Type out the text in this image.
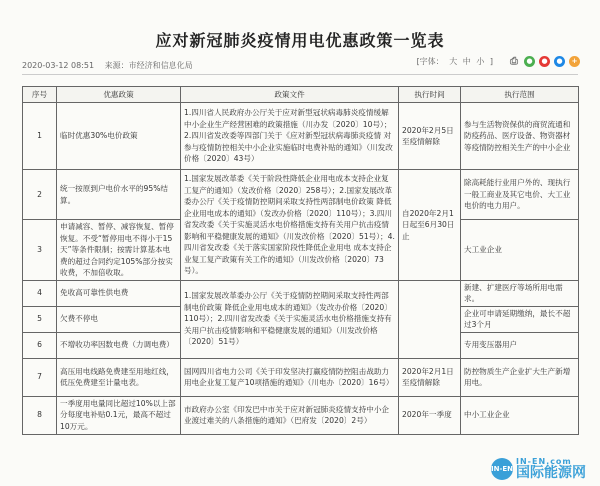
应对新冠肺炎疫情用电优惠政策一览表
2020-03-12 08:51 来源：市经济和信息化局	[字体： 大 中 小 ]	⎙	●	●	●	+
序号	优惠政策	政策文件	执行时间	执行范围
1	临时优惠30%电价政策	1.四川省人民政府办公厅关于应对新型冠状病毒肺炎疫情缓解中小企业生产经营困难的政策措施（川办发〔2020〕10号）；2.四川省发改委等四部门关于《应对新型冠状病毒肺炎疫情 对参与疫情防控相关中小企业实施临时电费补贴的通知》（川发改价格〔2020〕43号）	2020年2月5日至疫情解除	参与生活物资保供的商贸流通和防疫药品、医疗设备、物资器材等疫情防控相关生产的中小企业
2	统一按原到户电价水平的95%结算。	1.国家发展改革委《关于阶段性降低企业用电成本支持企业复工复产的通知》（发改价格〔2020〕258号）；2.国家发展改革委办公厅《关于疫情防控期间采取支持性两部制电价政策 降低企业用电成本的通知》（发改办价格〔2020〕110号）；3.四川省发改委《关于实施灵活水电价格措施支持有关用户抗击疫情影响和平稳健康发展的通知》（川发改价格〔2020〕51号）；4.四川省发改委《关于落实国家阶段性降低企业用电 成本支持企业复工复产政策有关工作的通知》（川发改价格〔2020〕73号）。	自2020年2月1日起至6月30日止	除高耗能行业用户外的、现执行一般工商业及其它电价、大工业电价的电力用户。
3	申请减容、暂停、减容恢复、暂停恢复。不受“暂停用电不得小于15天”等条件限制；按需计算基本电费的超过合同约定105%部分按实收费，不加倍收取。			大工业企业
4	免收高可靠性供电费	1.国家发展改革委办公厅《关于疫情防控期间采取支持性两部制电价政策 降低企业用电成本的通知》（发改办价格〔2020〕110号）；2.四川省发改委《关于实施灵活水电价格措施支持有关用户抗击疫情影响和平稳健康发展的通知》（川发改价格〔2020〕51号）		新建、扩建医疗等场所用电需求。
5	欠费不停电			企业可申请延期缴纳，最长不超过3个月
6	不增收功率因数电费（力调电费）			专用变压器用户
7	高压用电线路免费建至用地红线，低压免费建至计量电表。	国网四川省电力公司《关于印发坚决打赢疫情防控阻击战助力用电企业复工复产10项措施的通知》（川电办〔2020〕16号）	2020年2月1日至疫情解除	防控物质生产企业扩大生产新增用电。
8	一季度用电量同比超过10%以上部分每度电补贴0.1元，最高不超过10万元。	市政府办公室《印发巴中市关于应对新冠肺炎疫情支持中小企业渡过难关的八条措施的通知》（巴府发〔2020〕2号）	2020年一季度	中小工业企业
IN-EN
IN-EN.com
国际能源网
